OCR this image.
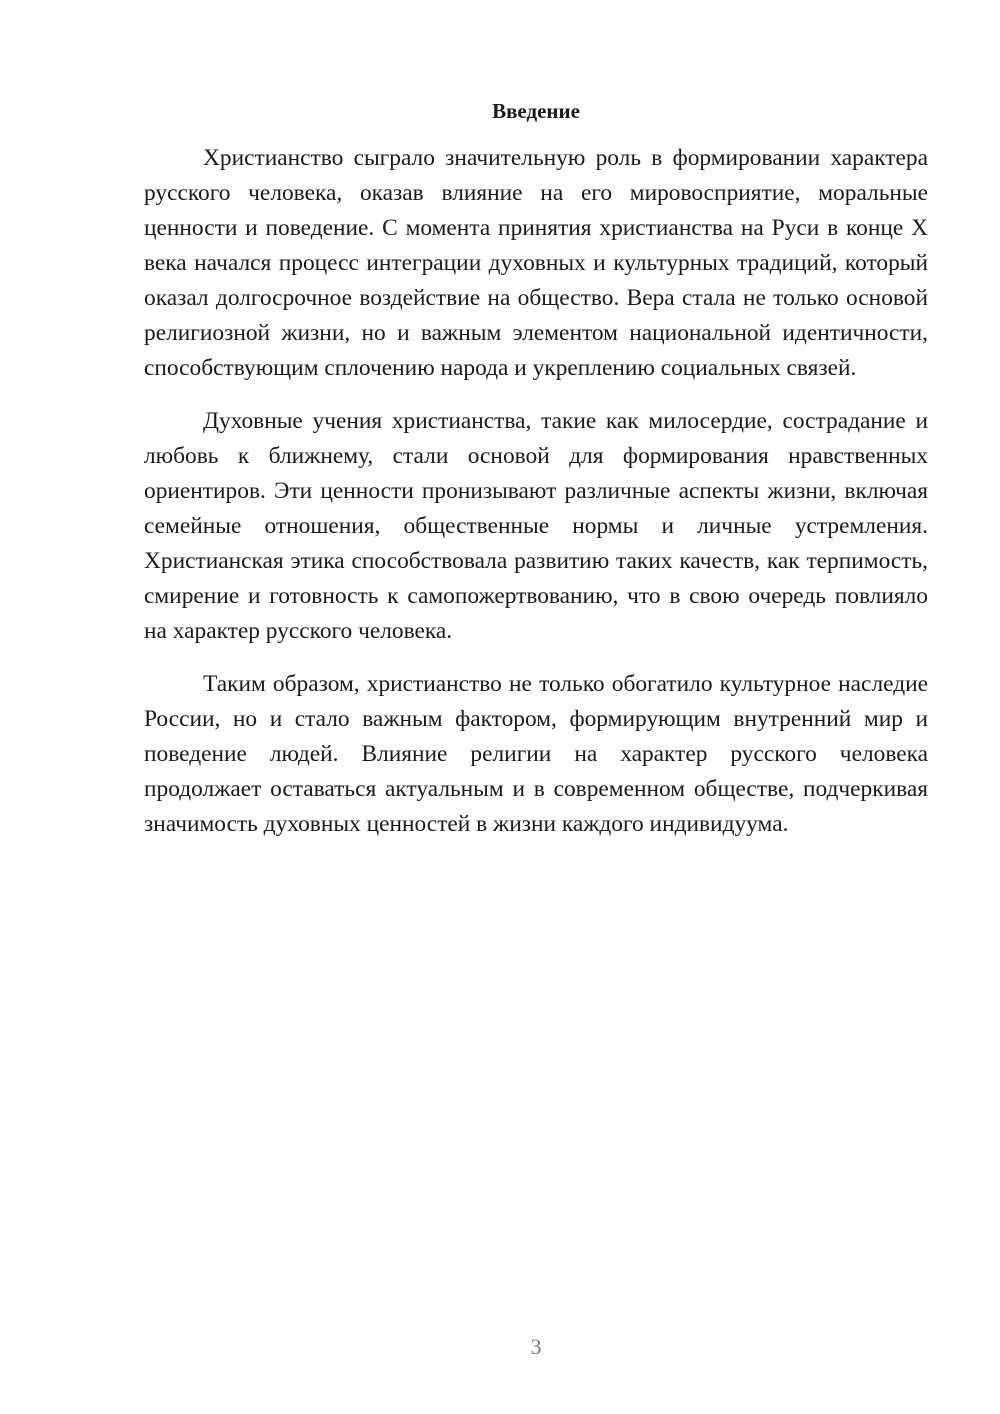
Введение

Христианство сыграло значительную роль в формировании характера русского человека, оказав влияние на его мировосприятие, моральные ценности и поведение. С момента принятия христианства на Руси в конце X века начался процесс интеграции духовных и культурных традиций, который оказал долгосрочное воздействие на общество. Вера стала не только основой религиозной жизни, но и важным элементом национальной идентичности, способствующим сплочению народа и укреплению социальных связей.

Духовные учения христианства, такие как милосердие, сострадание и любовь к ближнему, стали основой для формирования нравственных ориентиров. Эти ценности пронизывают различные аспекты жизни, включая семейные отношения, общественные нормы и личные устремления. Христианская этика способствовала развитию таких качеств, как терпимость, смирение и готовность к самопожертвованию, что в свою очередь повлияло на характер русского человека.

Таким образом, христианство не только обогатило культурное наследие России, но и стало важным фактором, формирующим внутренний мир и поведение людей. Влияние религии на характер русского человека продолжает оставаться актуальным и в современном обществе, подчеркивая значимость духовных ценностей в жизни каждого индивидуума.

3
